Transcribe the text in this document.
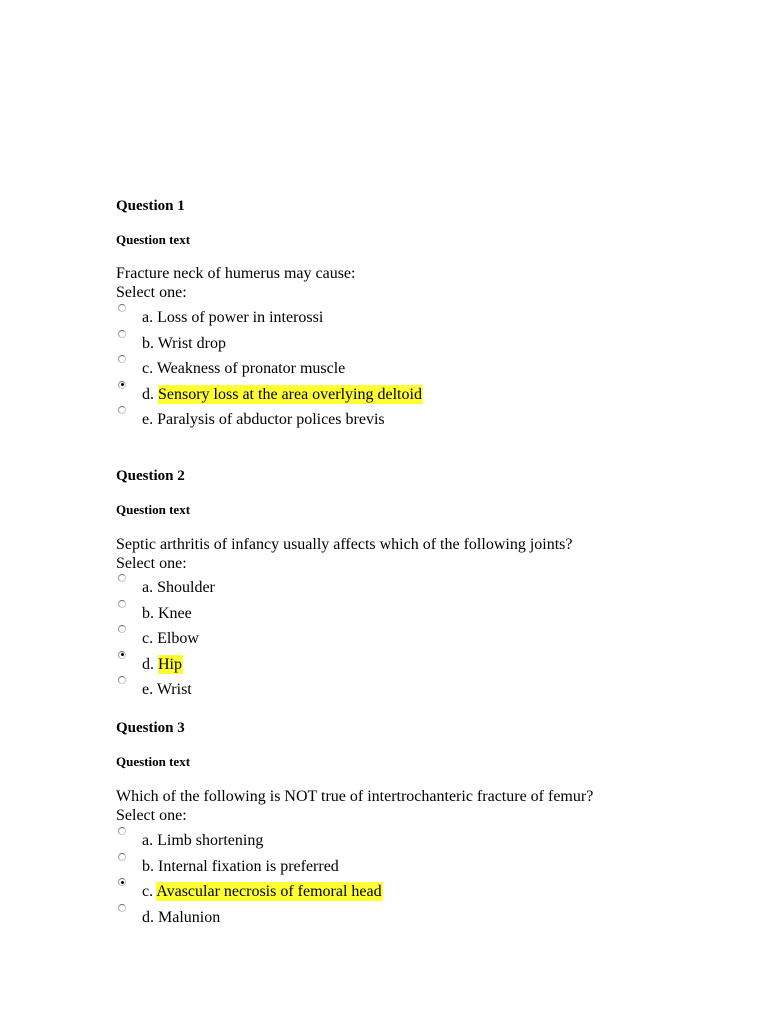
Question 1
Question text
Fracture neck of humerus may cause:
Select one:
a. Loss of power in interossi
b. Wrist drop
c. Weakness of pronator muscle
d. Sensory loss at the area overlying deltoid
e. Paralysis of abductor polices brevis
Question 2
Question text
Septic arthritis of infancy usually affects which of the following joints?
Select one:
a. Shoulder
b. Knee
c. Elbow
d. Hip
e. Wrist
Question 3
Question text
Which of the following is NOT true of intertrochanteric fracture of femur?
Select one:
a. Limb shortening
b. Internal fixation is preferred
c. Avascular necrosis of femoral head
d. Malunion
